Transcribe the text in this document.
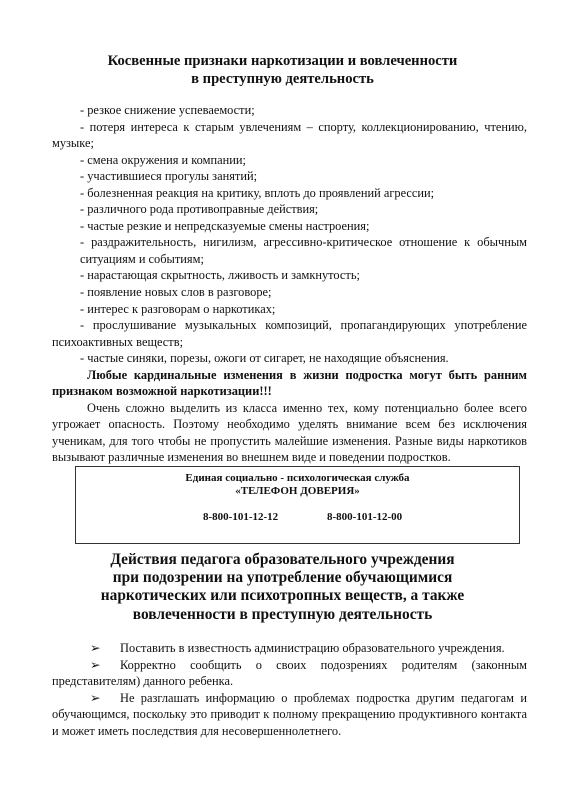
Косвенные признаки наркотизации и вовлеченности
в преступную деятельность
- резкое снижение успеваемости;
- потеря интереса к старым увлечениям – спорту, коллекционированию, чтению, музыке;
- смена окружения и компании;
- участившиеся прогулы занятий;
- болезненная реакция на критику, вплоть до проявлений агрессии;
- различного рода противоправные действия;
- частые резкие и непредсказуемые смены настроения;
- раздражительность, нигилизм, агрессивно-критическое отношение к обычным ситуациям и событиям;
- нарастающая скрытность, лживость и замкнутость;
- появление новых слов в разговоре;
- интерес к разговорам о наркотиках;
- прослушивание музыкальных композиций, пропагандирующих употребление психоактивных веществ;
- частые синяки, порезы, ожоги от сигарет, не находящие объяснения.
Любые кардинальные изменения в жизни подростка могут быть ранним признаком возможной наркотизации!!!
Очень сложно выделить из класса именно тех, кому потенциально более всего угрожает опасность. Поэтому необходимо уделять внимание всем без исключения ученикам, для того чтобы не пропустить малейшие изменения. Разные виды наркотиков вызывают различные изменения во внешнем виде и поведении подростков.
Единая социально - психологическая служба
«ТЕЛЕФОН ДОВЕРИЯ»
8-800-101-12-12	8-800-101-12-00
Действия педагога образовательного учреждения
при подозрении на употребление обучающимися
наркотических или психотропных веществ, а также
вовлеченности в преступную деятельность
➢ Поставить в известность администрацию образовательного учреждения.
➢ Корректно сообщить о своих подозрениях родителям (законным представителям) данного ребенка.
➢ Не разглашать информацию о проблемах подростка другим педагогам и обучающимся, поскольку это приводит к полному прекращению продуктивного контакта и может иметь последствия для несовершеннолетнего.
